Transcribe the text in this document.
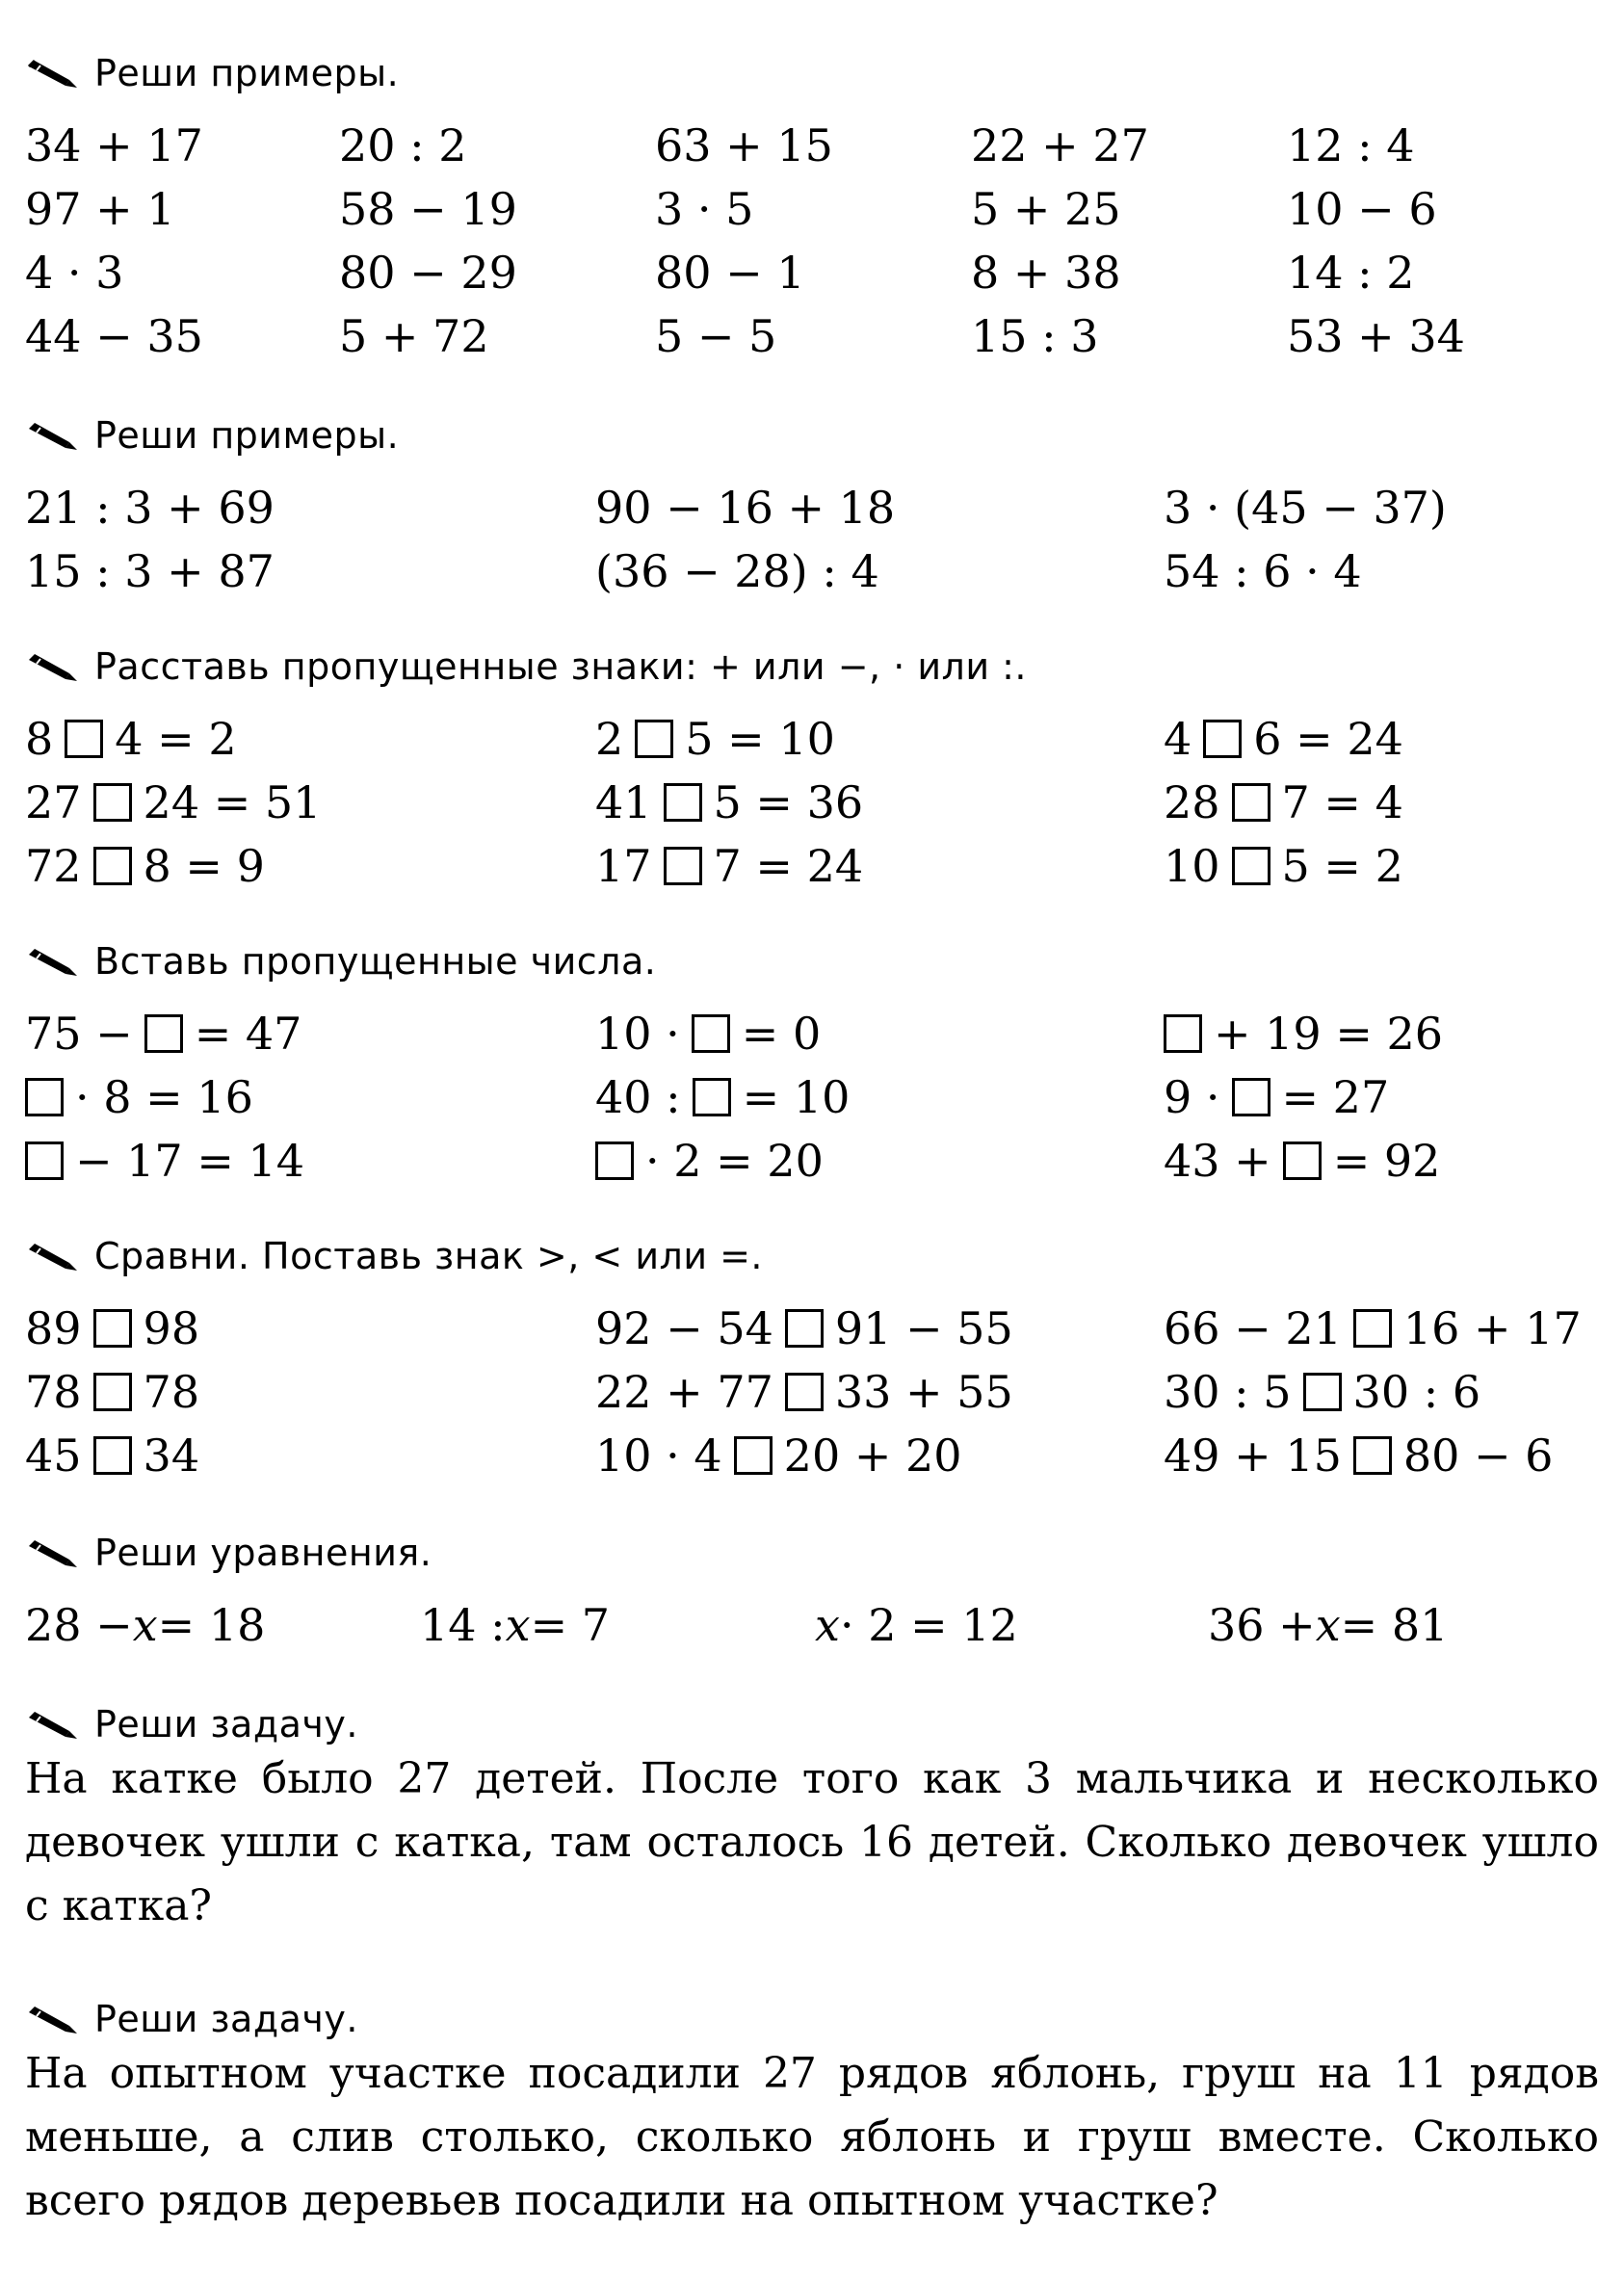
Реши примеры.
34 + 17	20 : 2	63 + 15	22 + 27	12 : 4
97 + 1	58 − 19	3 · 5	5 + 25	10 − 6
4 · 3	80 − 29	80 − 1	8 + 38	14 : 2
44 − 35	5 + 72	5 − 5	15 : 3	53 + 34
Реши примеры.
21 : 3 + 69	90 − 16 + 18	3 · (45 − 37)
15 : 3 + 87	(36 − 28) : 4	54 : 6 · 4
Расставь пропущенные знаки: + или −, · или :.
8 4 = 2	2 5 = 10	4 6 = 24
27 24 = 51	41 5 = 36	28 7 = 4
72 8 = 9	17 7 = 24	10 5 = 2
Вставь пропущенные числа.
75 − = 47	10 · = 0	+ 19 = 26
· 8 = 16	40 : = 10	9 · = 27
− 17 = 14	· 2 = 20	43 + = 92
Сравни. Поставь знак >, < или =.
89 98	92 − 54 91 − 55	66 − 21 16 + 17
78 78	22 + 77 33 + 55	30 : 5 30 : 6
45 34	10 · 4 20 + 20	49 + 15 80 − 6
Реши уравнения.
28 − x = 18	14 : x = 7	x · 2 = 12	36 + x = 81
Реши задачу.

На катке было 27 детей. После того как 3 мальчика и несколько девочек ушли с катка, там осталось 16 детей. Сколько девочек ушло с катка?

Реши задачу.

На опытном участке посадили 27 рядов яблонь, груш на 11 рядов меньше, а слив столько, сколько яблонь и груш вместе. Сколько всего рядов деревьев посадили на опытном участке?
